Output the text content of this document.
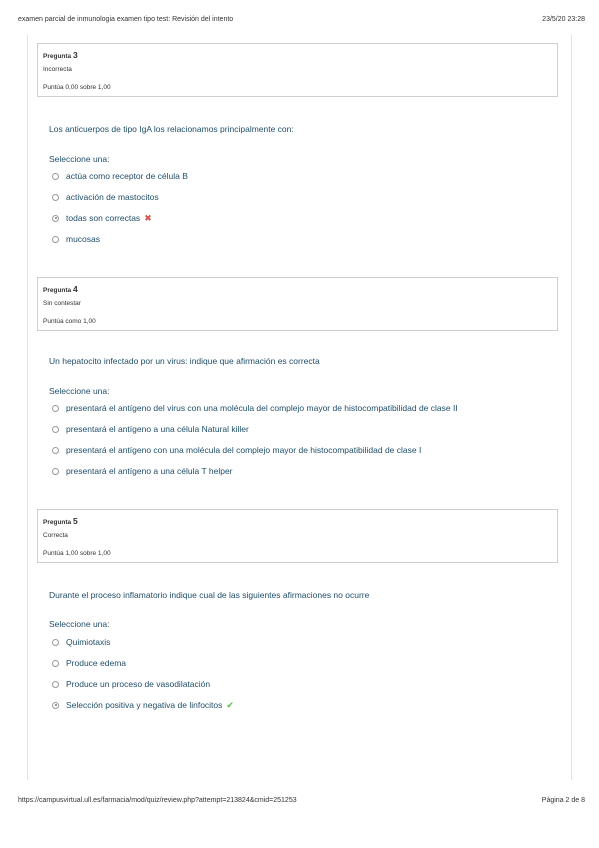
examen parcial de inmunologia examen tipo test: Revisión del intento	23/5/20 23:28
Pregunta 3
Incorrecta
Puntúa 0,00 sobre 1,00
Los anticuerpos de tipo IgA los relacionamos principalmente con:
Seleccione una:
actúa como receptor de célula B
activación de mastocitos
todas son correctas ✖
mucosas
Pregunta 4
Sin contestar
Puntúa como 1,00
Un hepatocito infectado por un virus: indique que afirmación es correcta
Seleccione una:
presentará el antígeno del virus con una molécula del complejo mayor de histocompatibilidad de clase II
presentará el antígeno a una célula Natural killer
presentará el antígeno con una molécula del complejo mayor de histocompatibilidad de clase I
presentará el antígeno a una célula T helper
Pregunta 5
Correcta
Puntúa 1,00 sobre 1,00
Durante el proceso inflamatorio indique cual de las siguientes afirmaciones no ocurre
Seleccione una:
Quimiotaxis
Produce edema
Produce un proceso de vasodilatación
Selección positiva y negativa de linfocitos ✔
https://campusvirtual.ull.es/farmacia/mod/quiz/review.php?attempt=213824&cmid=251253	Página 2 de 8
